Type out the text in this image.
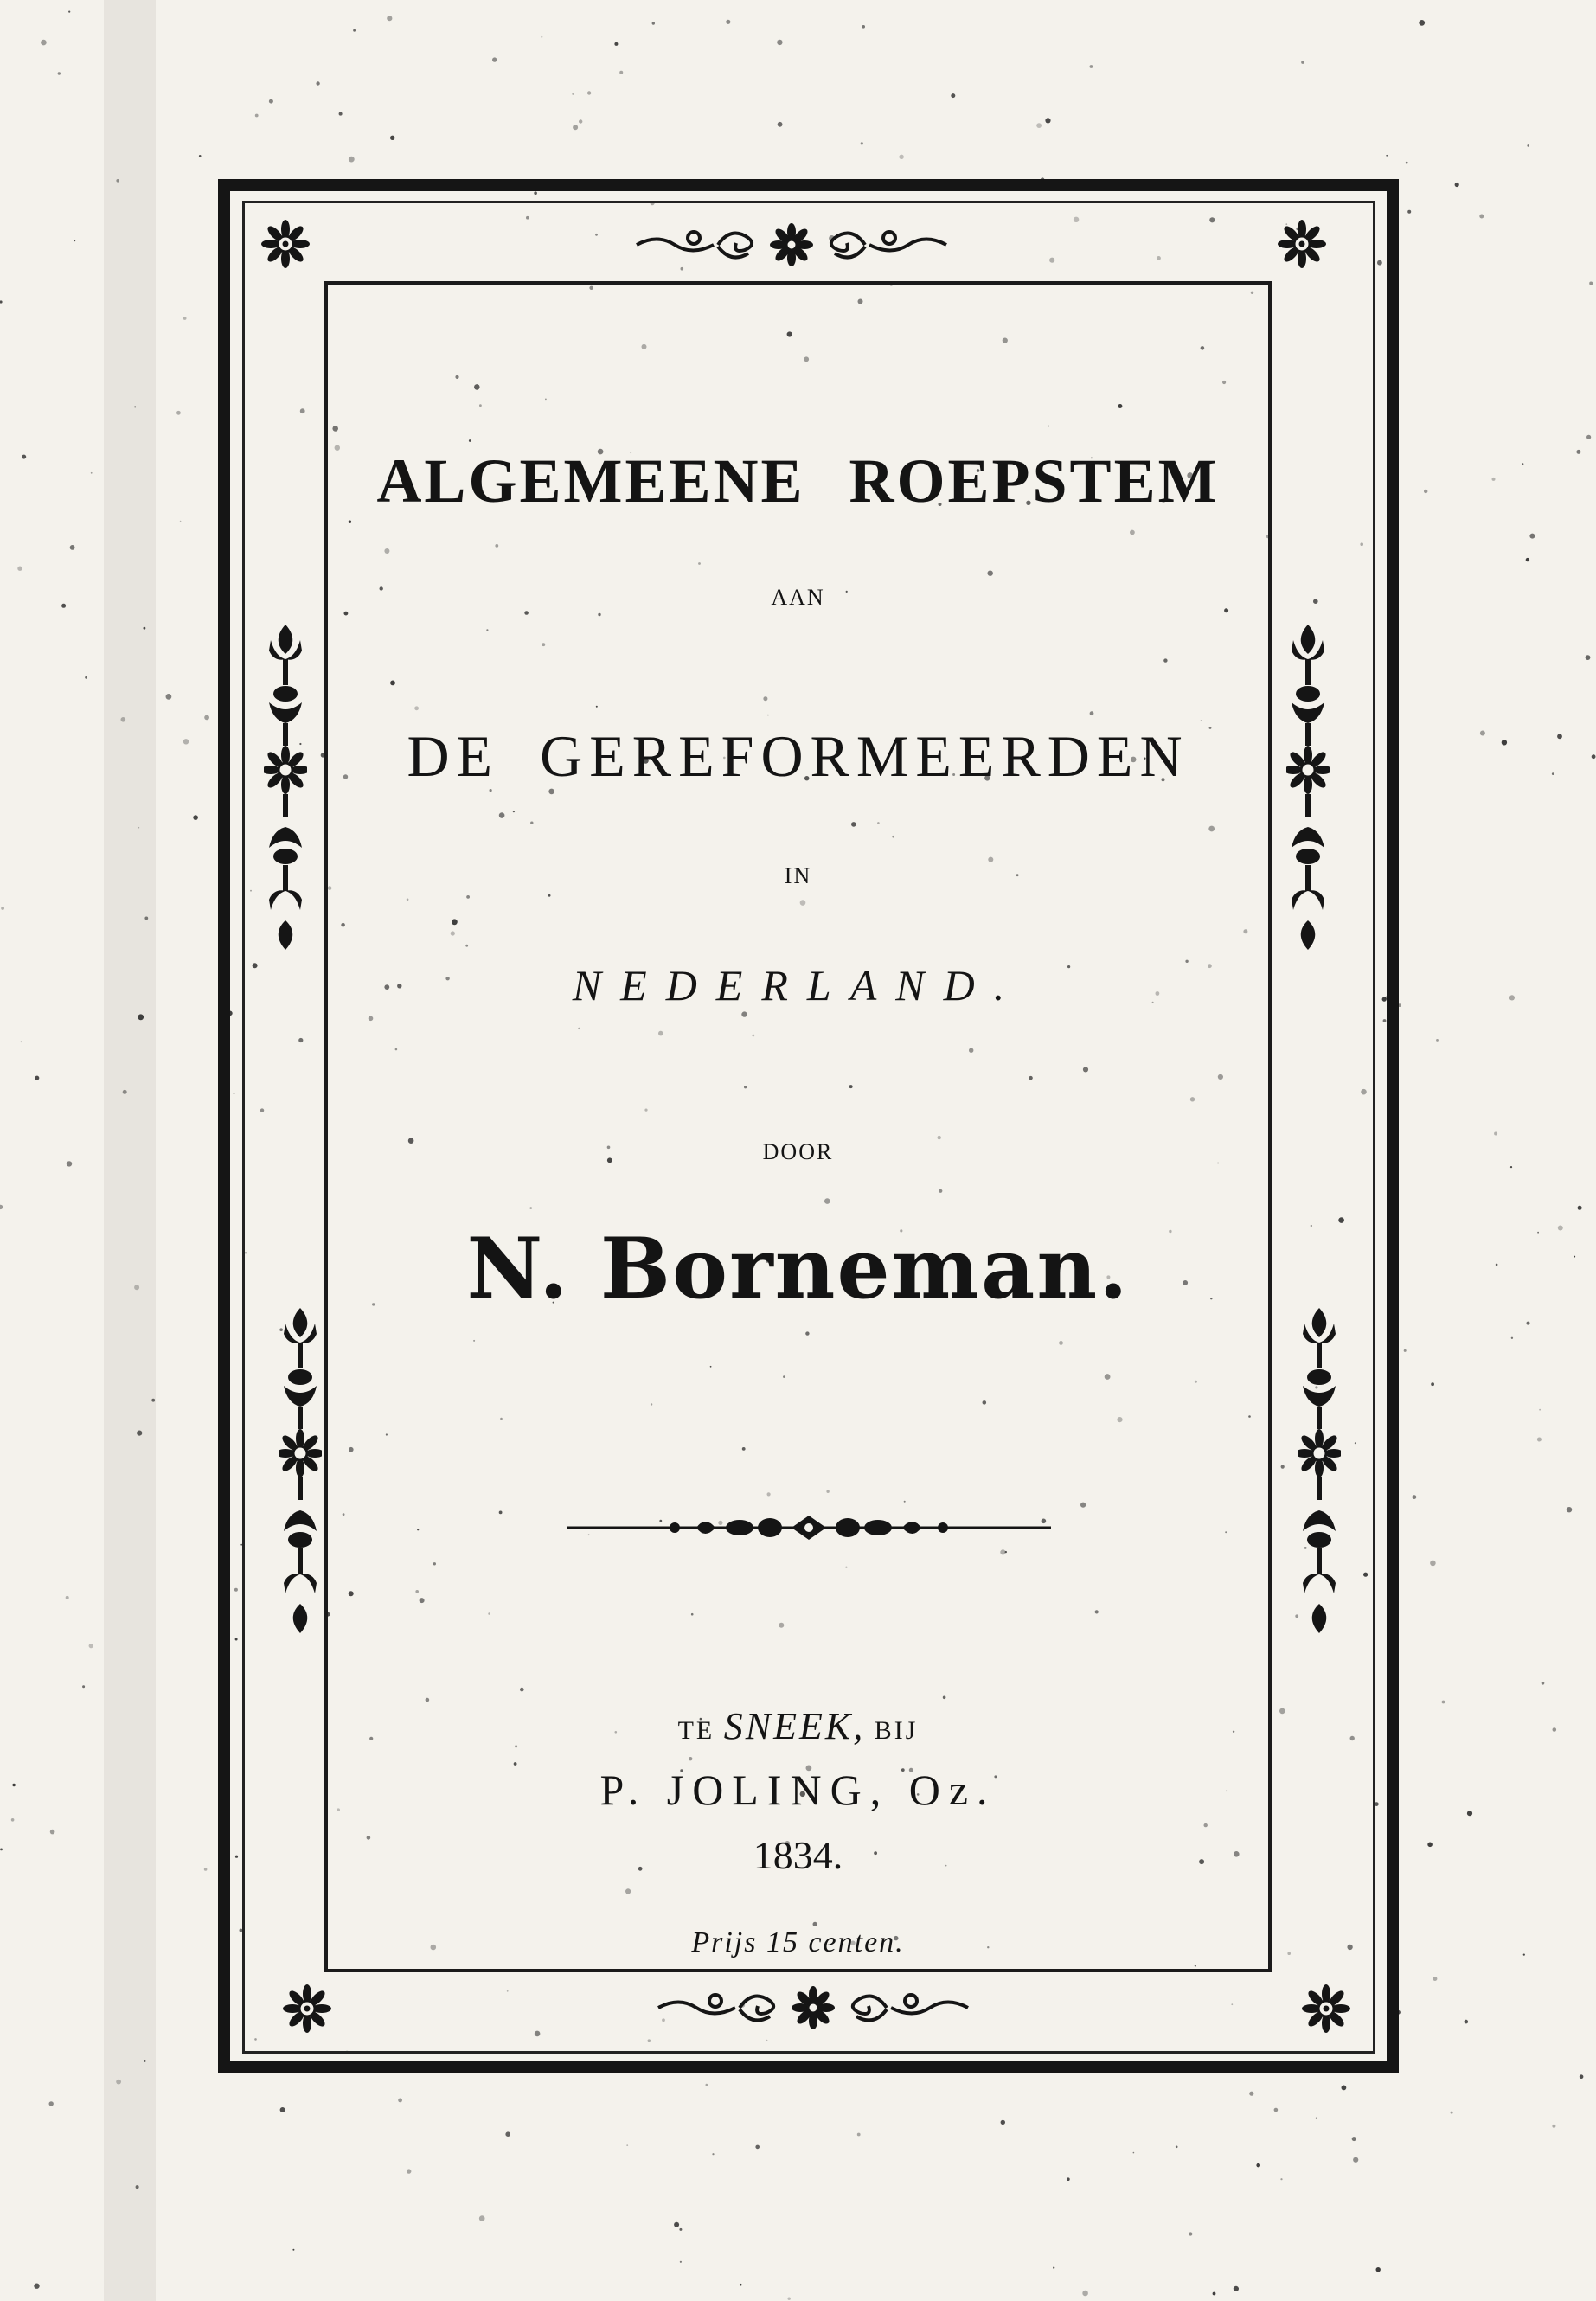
ALGEMEENE ROEPSTEM
AAN
DE GEREFORMEERDEN
IN
NEDERLAND.
DOOR
N. Borneman.
TE SNEEK, BIJ
P. JOLING, Oz.
1834.
Prijs 15 centen.
